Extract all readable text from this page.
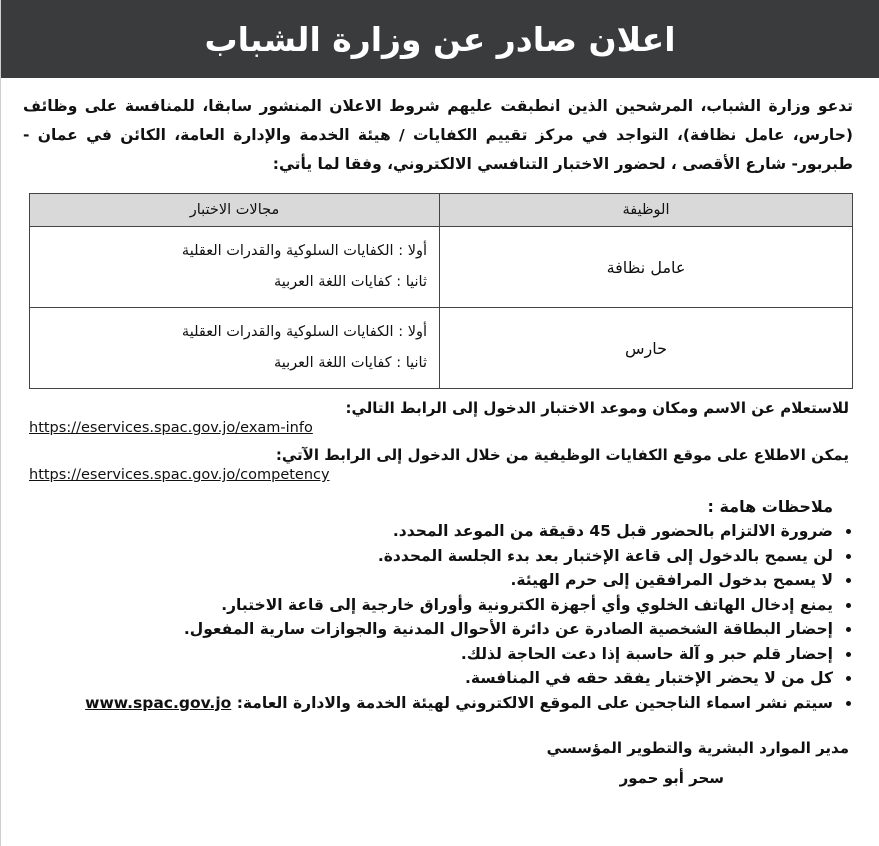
اعلان صادر عن وزارة الشباب

تدعو وزارة الشباب، المرشحين الذين انطبقت عليهم شروط الاعلان المنشور سابقا، للمنافسة على وظائف (حارس، عامل نظافة)، التواجد في مركز تقييم الكفايات / هيئة الخدمة والإدارة العامة، الكائن في عمان - طبربور- شارع الأقصى ، لحضور الاختبار التنافسي الالكتروني، وفقا لما يأتي:

الوظيفة	مجالات الاختبار
عامل نظافة	أولا : الكفايات السلوكية والقدرات العقلية
ثانيا : كفايات اللغة العربية

حارس	أولا : الكفايات السلوكية والقدرات العقلية
ثانيا : كفايات اللغة العربية
للاستعلام عن الاسم ومكان وموعد الاختبار الدخول إلى الرابط التالي:
https://eservices.spac.gov.jo/exam-info
يمكن الاطلاع على موقع الكفايات الوظيفية من خلال الدخول إلى الرابط الآتي:
https://eservices.spac.gov.jo/competency
ملاحظات هامة :
• ضرورة الالتزام بالحضور قبل 45 دقيقة من الموعد المحدد.
• لن يسمح بالدخول إلى قاعة الإختبار بعد بدء الجلسة المحددة.
• لا يسمح بدخول المرافقين إلى حرم الهيئة.
• يمنع إدخال الهاتف الخلوي وأي أجهزة الكترونية وأوراق خارجية إلى قاعة الاختبار.
• إحضار البطاقة الشخصية الصادرة عن دائرة الأحوال المدنية والجوازات سارية المفعول.
• إحضار قلم حبر و آلة حاسبة إذا دعت الحاجة لذلك.
• كل من لا يحضر الإختبار يفقد حقه في المنافسة.
• سيتم نشر اسماء الناجحين على الموقع الالكتروني لهيئة الخدمة والادارة العامة: www.spac.gov.jo
مدير الموارد البشرية والتطوير المؤسسي
سحر أبو حمور
